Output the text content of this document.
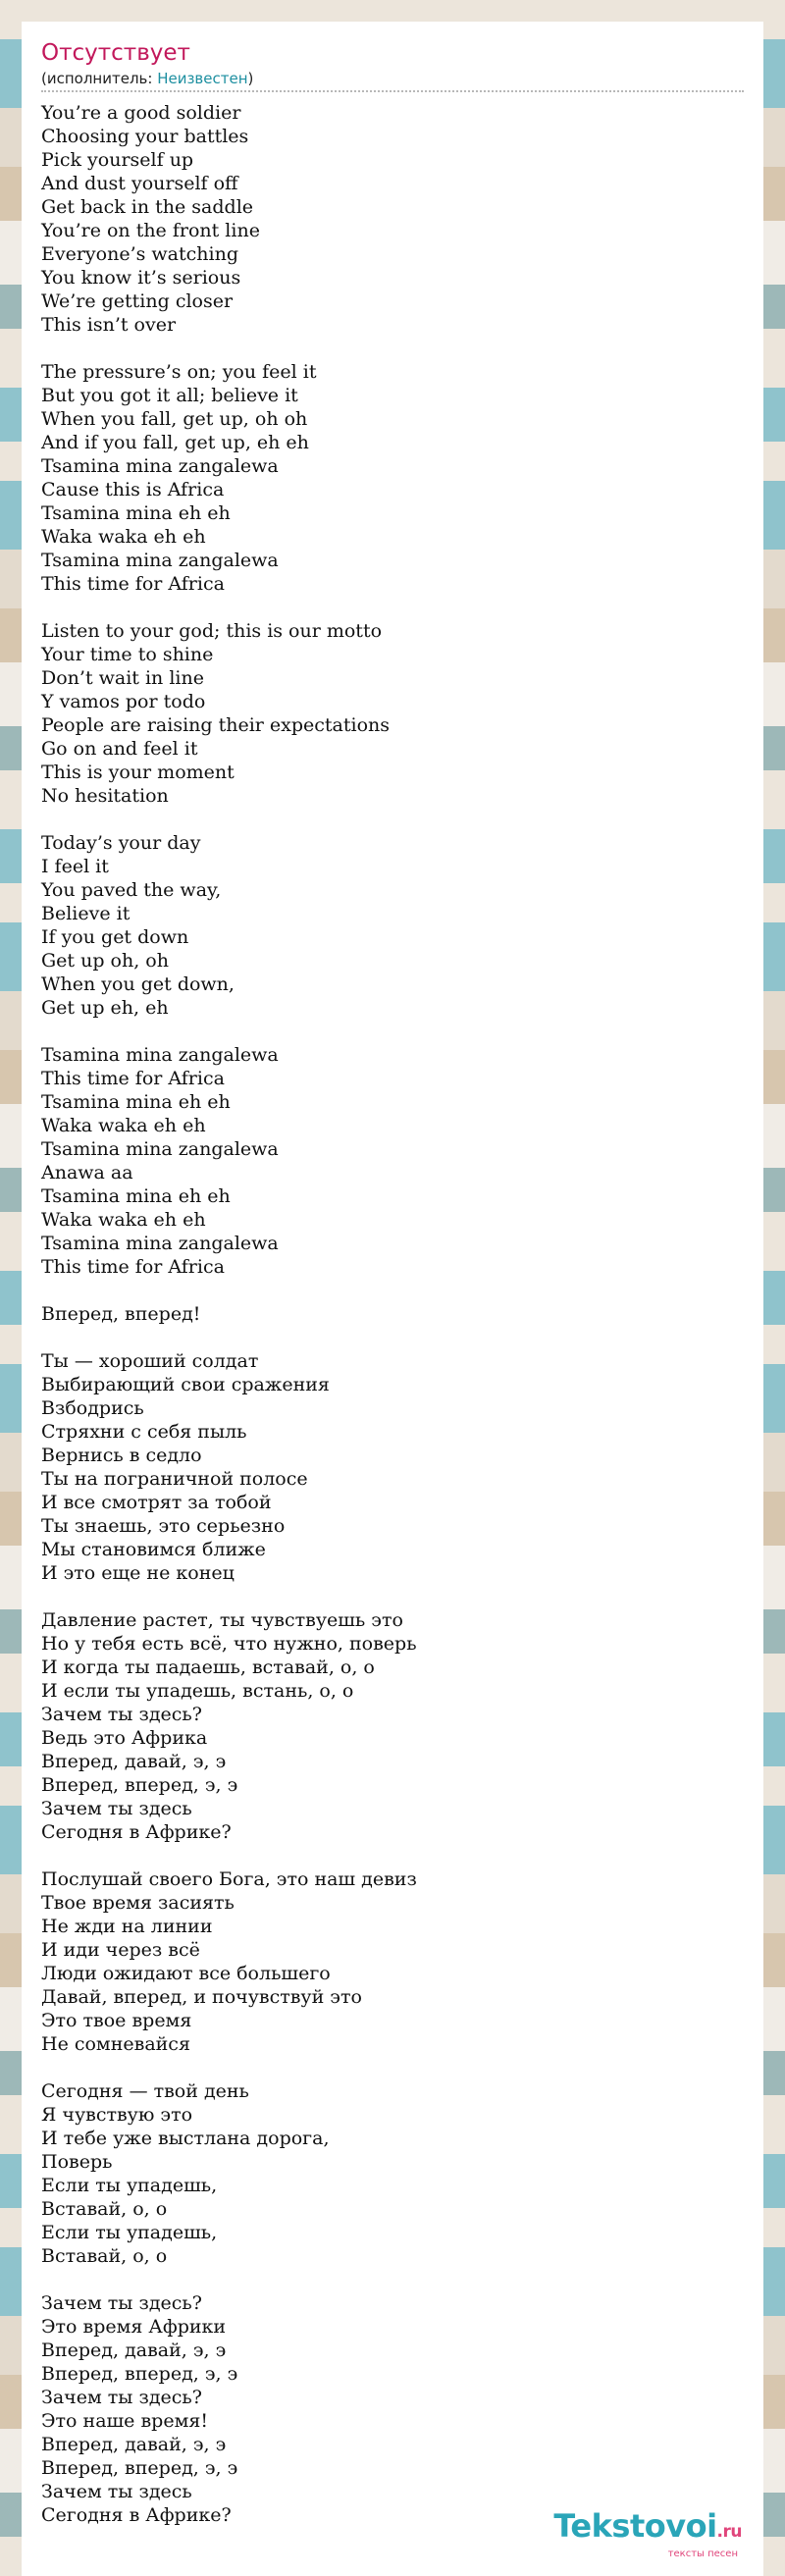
Отсутствует
(исполнитель: Неизвестен)
You’re a good soldier
Choosing your battles
Pick yourself up
And dust yourself off
Get back in the saddle
You’re on the front line
Everyone’s watching
You know it’s serious
We’re getting closer
This isn’t over
The pressure’s on; you feel it
But you got it all; believe it
When you fall, get up, oh oh
And if you fall, get up, eh eh
Tsamina mina zangalewa
Cause this is Africa
Tsamina mina eh eh
Waka waka eh eh
Tsamina mina zangalewa
This time for Africa
Listen to your god; this is our motto
Your time to shine
Don’t wait in line
Y vamos por todo
People are raising their expectations
Go on and feel it
This is your moment
No hesitation
Today’s your day
I feel it
You paved the way,
Believe it
If you get down
Get up oh, oh
When you get down,
Get up eh, eh
Tsamina mina zangalewa
This time for Africa
Tsamina mina eh eh
Waka waka eh eh
Tsamina mina zangalewa
Anawa aa
Tsamina mina eh eh
Waka waka eh eh
Tsamina mina zangalewa
This time for Africa
Вперед, вперед!
Ты — хороший солдат
Выбирающий свои сражения
Взбодрись
Стряхни с себя пыль
Вернись в седло
Ты на пограничной полосе
И все смотрят за тобой
Ты знаешь, это серьезно
Мы становимся ближе
И это еще не конец
Давление растет, ты чувствуешь это
Но у тебя есть всё, что нужно, поверь
И когда ты падаешь, вставай, о, о
И если ты упадешь, встань, о, о
Зачем ты здесь?
Ведь это Африка
Вперед, давай, э, э
Вперед, вперед, э, э
Зачем ты здесь
Сегодня в Африке?
Послушай своего Бога, это наш девиз
Твое время засиять
Не жди на линии
И иди через всё
Люди ожидают все большего
Давай, вперед, и почувствуй это
Это твое время
Не сомневайся
Сегодня — твой день
Я чувствую это
И тебе уже выстлана дорога,
Поверь
Если ты упадешь,
Вставай, о, о
Если ты упадешь,
Вставай, о, о
Зачем ты здесь?
Это время Африки
Вперед, давай, э, э
Вперед, вперед, э, э
Зачем ты здесь?
Это наше время!
Вперед, давай, э, э
Вперед, вперед, э, э
Зачем ты здесь
Сегодня в Африке?	Tekstovoi.ru
тексты песен
